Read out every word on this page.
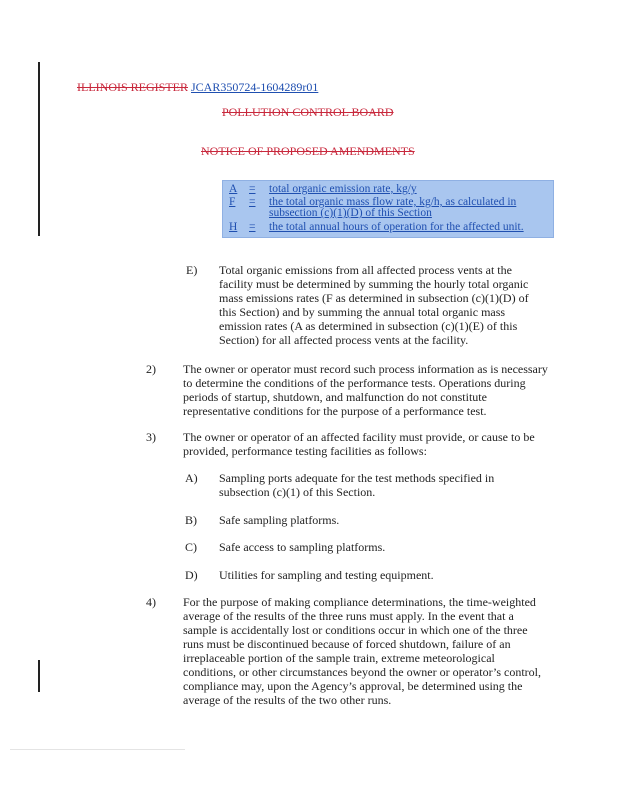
ILLINOIS REGISTER JCAR350724-1604289r01
POLLUTION CONTROL BOARD
NOTICE OF PROPOSED AMENDMENTS
A = total organic emission rate, kg/y
F = the total organic mass flow rate, kg/h, as calculated in subsection (c)(1)(D) of this Section
H = the total annual hours of operation for the affected unit.
E) Total organic emissions from all affected process vents at the facility must be determined by summing the hourly total organic mass emissions rates (F as determined in subsection (c)(1)(D) of this Section) and by summing the annual total organic mass emission rates (A as determined in subsection (c)(1)(E) of this Section) for all affected process vents at the facility.
2) The owner or operator must record such process information as is necessary to determine the conditions of the performance tests. Operations during periods of startup, shutdown, and malfunction do not constitute representative conditions for the purpose of a performance test.
3) The owner or operator of an affected facility must provide, or cause to be provided, performance testing facilities as follows:
A) Sampling ports adequate for the test methods specified in subsection (c)(1) of this Section.
B) Safe sampling platforms.
C) Safe access to sampling platforms.
D) Utilities for sampling and testing equipment.
4) For the purpose of making compliance determinations, the time-weighted average of the results of the three runs must apply. In the event that a sample is accidentally lost or conditions occur in which one of the three runs must be discontinued because of forced shutdown, failure of an irreplaceable portion of the sample train, extreme meteorological conditions, or other circumstances beyond the owner or operator’s control, compliance may, upon the Agency’s approval, be determined using the average of the results of the two other runs.
